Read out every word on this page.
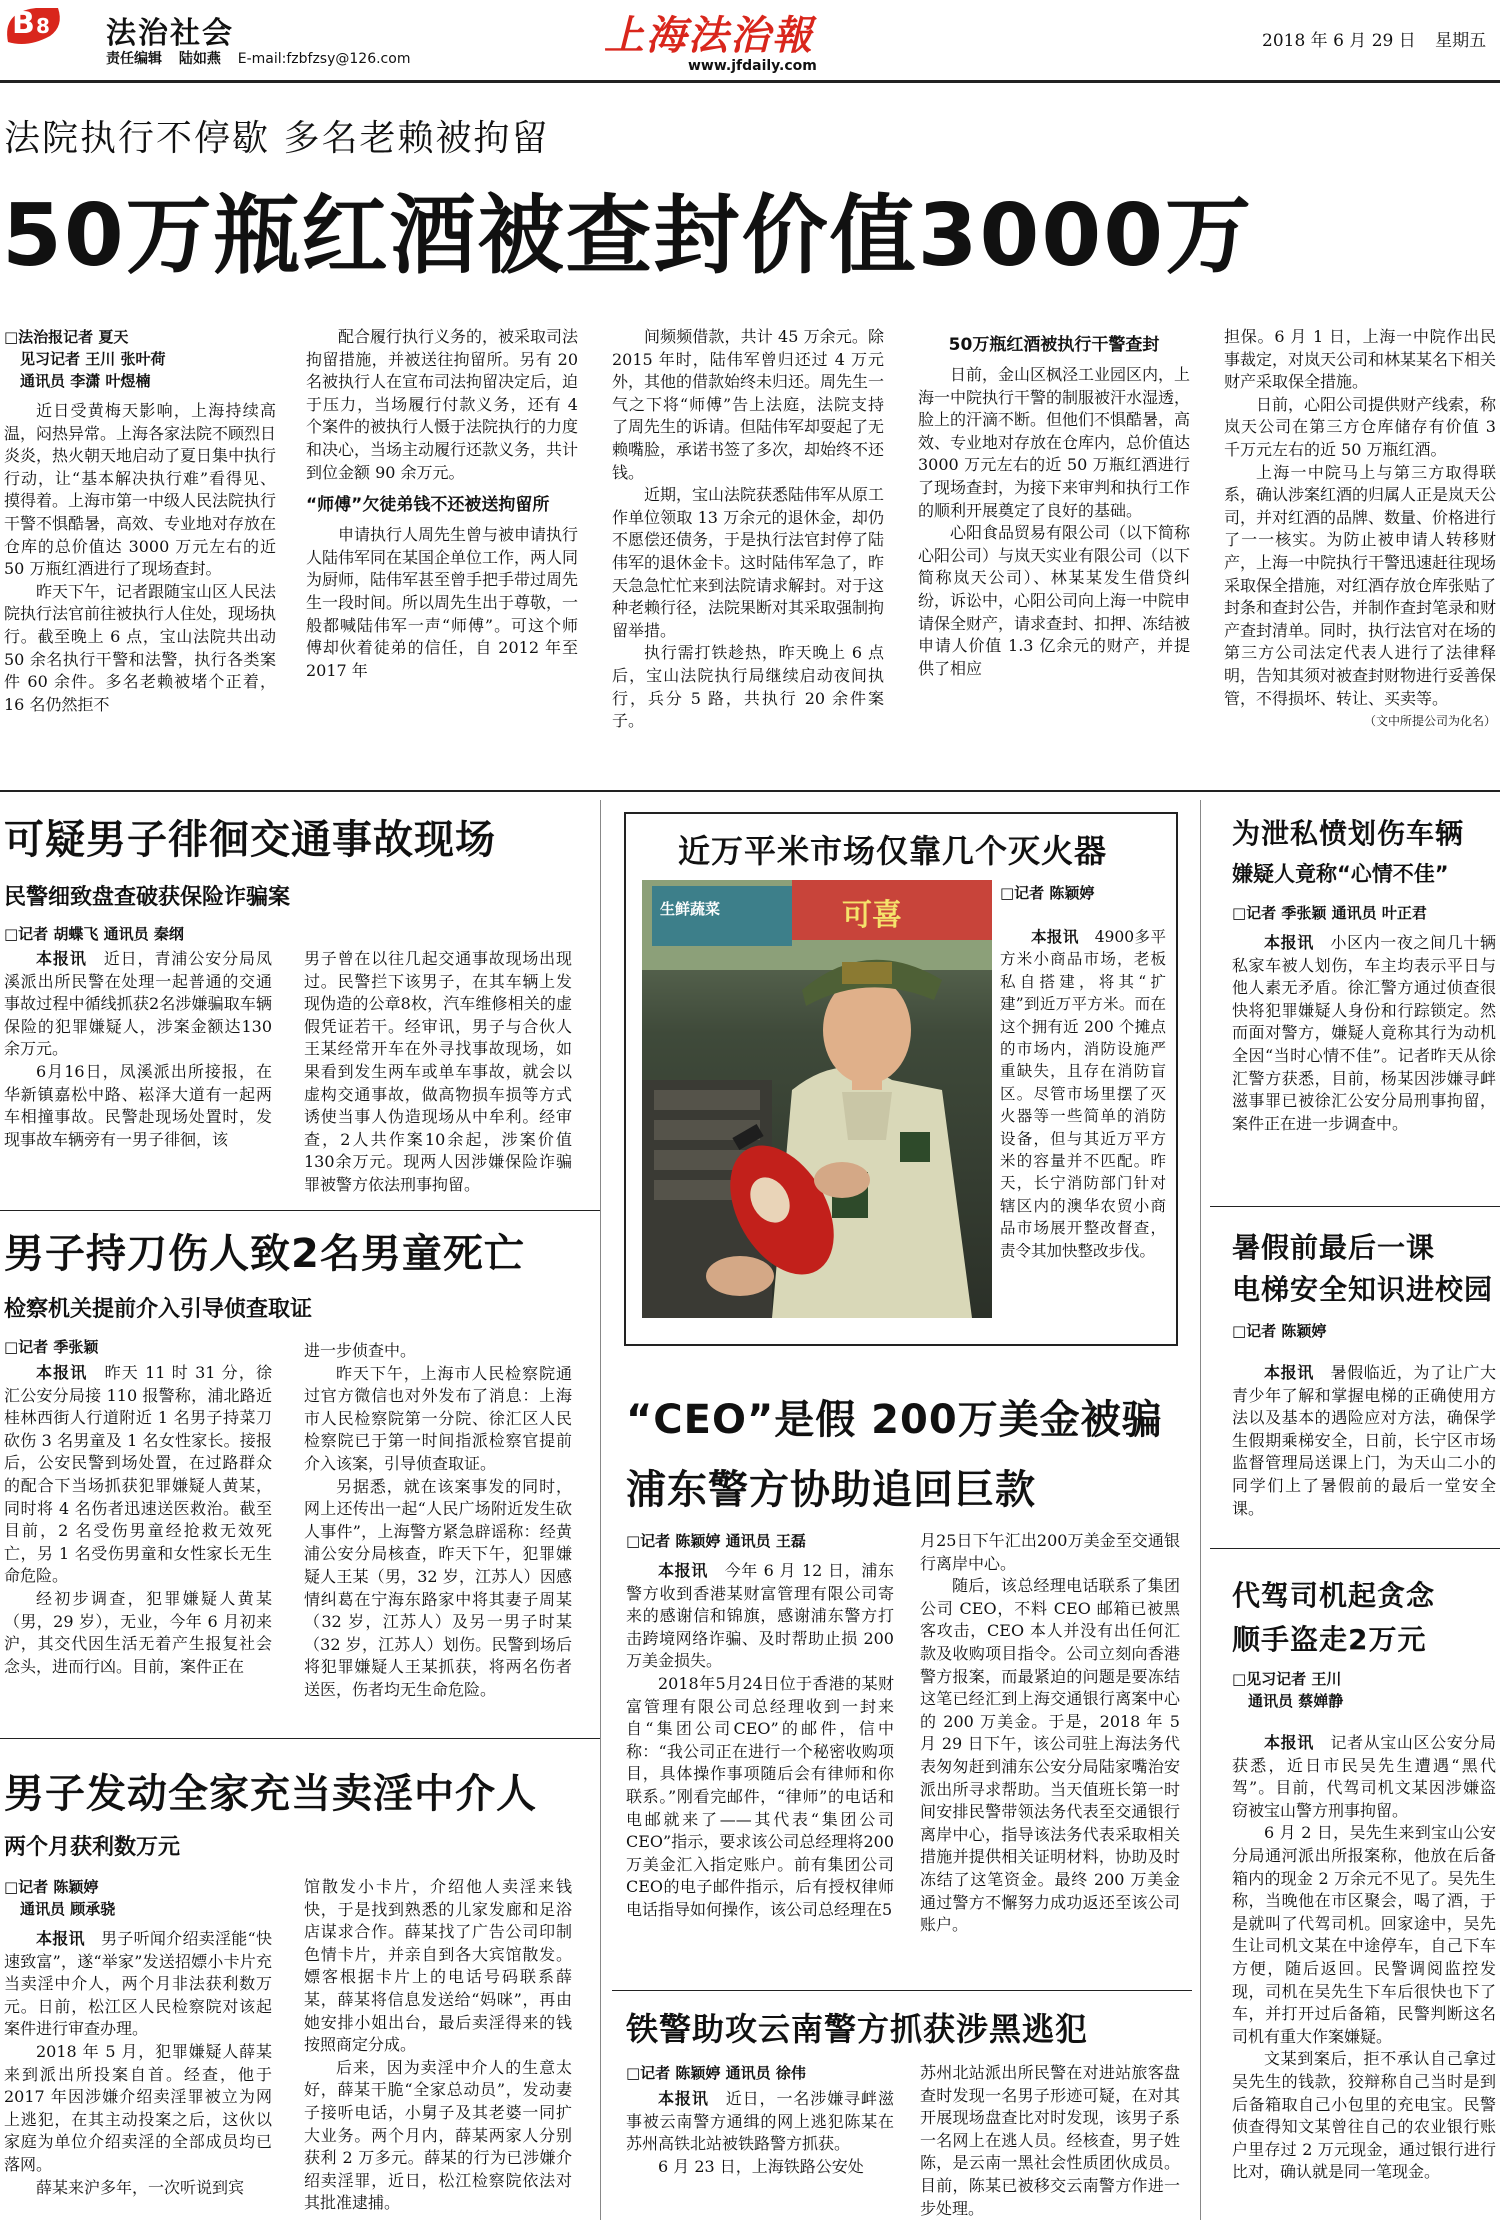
B 8 法治社会
责任编辑 陆如燕 E-mail:fzbfzsy@126.com	上海法治報
www.jfdaily.com
2018 年 6 月 29 日 星期五
法院执行不停歇 多名老赖被拘留
50万瓶红酒被查封价值3000万
□法治报记者 夏天
见习记者 王川 张叶荷
通讯员 李潇 叶煜楠

近日受黄梅天影响，上海持续高温，闷热异常。上海各家法院不顾烈日炎炎，热火朝天地启动了夏日集中执行行动，让“基本解决执行难”看得见、摸得着。上海市第一中级人民法院执行干警不惧酷暑，高效、专业地对存放在仓库的总价值达 3000 万元左右的近 50 万瓶红酒进行了现场查封。

昨天下午，记者跟随宝山区人民法院执行法官前往被执行人住处，现场执行。截至晚上 6 点，宝山法院共出动 50 余名执行干警和法警，执行各类案件 60 余件。多名老赖被堵个正着，16 名仍然拒不

配合履行执行义务的，被采取司法拘留措施，并被送往拘留所。另有 20 名被执行人在宣布司法拘留决定后，迫于压力，当场履行付款义务，还有 4 个案件的被执行人慑于法院执行的力度和决心，当场主动履行还款义务，共计到位金额 90 余万元。

“师傅”欠徒弟钱不还被送拘留所

申请执行人周先生曾与被申请执行人陆伟军同在某国企单位工作，两人同为厨师，陆伟军甚至曾手把手带过周先生一段时间。所以周先生出于尊敬，一般都喊陆伟军一声“师傅”。可这个师傅却伙着徒弟的信任，自 2012 年至 2017 年

间频频借款，共计 45 万余元。除 2015 年时，陆伟军曾归还过 4 万元外，其他的借款始终未归还。周先生一气之下将“师傅”告上法庭，法院支持了周先生的诉请。但陆伟军却耍起了无赖嘴脸，承诺书签了多次，却始终不还钱。

近期，宝山法院获悉陆伟军从原工作单位领取 13 万余元的退休金，却仍不愿偿还债务，于是执行法官封停了陆伟军的退休金卡。这时陆伟军急了，昨天急急忙忙来到法院请求解封。对于这种老赖行径，法院果断对其采取强制拘留举措。

执行需打铁趁热，昨天晚上 6 点后，宝山法院执行局继续启动夜间执行，兵分 5 路，共执行 20 余件案子。

50万瓶红酒被执行干警查封

日前，金山区枫泾工业园区内，上海一中院执行干警的制服被汗水湿透，脸上的汗滴不断。但他们不惧酷暑，高效、专业地对存放在仓库内，总价值达 3000 万元左右的近 50 万瓶红酒进行了现场查封，为接下来审判和执行工作的顺利开展奠定了良好的基础。

心阳食品贸易有限公司（以下简称心阳公司）与岚天实业有限公司（以下简称岚天公司）、林某某发生借贷纠纷，诉讼中，心阳公司向上海一中院申请保全财产，请求查封、扣押、冻结被申请人价值 1.3 亿余元的财产，并提供了相应

担保。6 月 1 日，上海一中院作出民事裁定，对岚天公司和林某某名下相关财产采取保全措施。

日前，心阳公司提供财产线索，称岚天公司在第三方仓库储存有价值 3 千万元左右的近 50 万瓶红酒。

上海一中院马上与第三方取得联系，确认涉案红酒的归属人正是岚天公司，并对红酒的品牌、数量、价格进行了一一核实。为防止被申请人转移财产，上海一中院执行干警迅速赶往现场采取保全措施，对红酒存放仓库张贴了封条和查封公告，并制作查封笔录和财产查封清单。同时，执行法官对在场的第三方公司法定代表人进行了法律释明，告知其须对被查封财物进行妥善保管，不得损坏、转让、买卖等。

（文中所提公司为化名）

可疑男子徘徊交通事故现场
民警细致盘查破获保险诈骗案
□记者 胡蝶飞 通讯员 秦纲

本报讯　 近日，青浦公安分局凤溪派出所民警在处理一起普通的交通事故过程中循线抓获2名涉嫌骗取车辆保险的犯罪嫌疑人，涉案金额达130余万元。

6月16日，凤溪派出所接报，在华新镇嘉松中路、崧泽大道有一起两车相撞事故。民警赴现场处置时，发现事故车辆旁有一男子徘徊，该

男子曾在以往几起交通事故现场出现过。民警拦下该男子，在其车辆上发现伪造的公章8枚，汽车维修相关的虚假凭证若干。经审讯，男子与合伙人王某经常开车在外寻找事故现场，如果看到发生两车或单车事故，就会以虚构交通事故，做高物损车损等方式诱使当事人伪造现场从中牟利。经审查，2人共作案10余起，涉案价值130余万元。现两人因涉嫌保险诈骗罪被警方依法刑事拘留。

男子持刀伤人致2名男童死亡
检察机关提前介入引导侦查取证
□记者 季张颖

本报讯　 昨天 11 时 31 分，徐汇公安分局接 110 报警称，浦北路近桂林西街人行道附近 1 名男子持菜刀砍伤 3 名男童及 1 名女性家长。接报后，公安民警到场处置，在过路群众的配合下当场抓获犯罪嫌疑人黄某，同时将 4 名伤者迅速送医救治。截至目前，2 名受伤男童经抢救无效死亡，另 1 名受伤男童和女性家长无生命危险。

经初步调查，犯罪嫌疑人黄某（男，29 岁），无业，今年 6 月初来沪，其交代因生活无着产生报复社会念头，进而行凶。目前，案件正在

进一步侦查中。

昨天下午，上海市人民检察院通过官方微信也对外发布了消息：上海市人民检察院第一分院、徐汇区人民检察院已于第一时间指派检察官提前介入该案，引导侦查取证。

另据悉，就在该案事发的同时，网上还传出一起“人民广场附近发生砍人事件”，上海警方紧急辟谣称：经黄浦公安分局核查，昨天下午，犯罪嫌疑人王某（男，32 岁，江苏人）因感情纠葛在宁海东路家中将其妻子周某（32 岁，江苏人）及另一男子时某（32 岁，江苏人）划伤。民警到场后将犯罪嫌疑人王某抓获，将两名伤者送医，伤者均无生命危险。

男子发动全家充当卖淫中介人
两个月获利数万元
□记者 陈颖婷
通讯员 顾承骁

本报讯　 男子听闻介绍卖淫能“快速致富”，遂“举家”发送招嫖小卡片充当卖淫中介人，两个月非法获利数万元。日前，松江区人民检察院对该起案件进行审查办理。

2018 年 5 月，犯罪嫌疑人薛某来到派出所投案自首。经查，他于 2017 年因涉嫌介绍卖淫罪被立为网上逃犯，在其主动投案之后，这伙以家庭为单位介绍卖淫的全部成员均已落网。

薛某来沪多年，一次听说到宾

馆散发小卡片，介绍他人卖淫来钱快，于是找到熟悉的儿家发廊和足浴店谋求合作。薛某找了广告公司印制色情卡片，并亲自到各大宾馆散发。嫖客根据卡片上的电话号码联系薛某，薛某将信息发送给“妈咪”，再由她安排小姐出台，最后卖淫得来的钱按照商定分成。

后来，因为卖淫中介人的生意太好，薛某干脆“全家总动员”，发动妻子接听电话，小舅子及其老婆一同扩大业务。两个月内，薛某两家人分别获利 2 万多元。薛某的行为已涉嫌介绍卖淫罪，近日，松江检察院依法对其批准逮捕。

近万平米市场仅靠几个灭火器
生鲜蔬菜	可喜
□记者 陈颖婷

本报讯　 4900多平方米小商品市场，老板私自搭建，将其“扩建”到近万平方米。而在这个拥有近 200 个摊点的市场内，消防设施严重缺失，且存在消防盲区。尽管市场里摆了灭火器等一些简单的消防设备，但与其近万平方米的容量并不匹配。昨天，长宁消防部门针对辖区内的澳华农贸小商品市场展开整改督查，责令其加快整改步伐。

“CEO”是假 200万美金被骗
浦东警方协助追回巨款
□记者 陈颖婷 通讯员 王磊

本报讯　 今年 6 月 12 日，浦东警方收到香港某财富管理有限公司寄来的感谢信和锦旗，感谢浦东警方打击跨境网络诈骗、及时帮助止损 200 万美金损失。

2018年5月24日位于香港的某财富管理有限公司总经理收到一封来自“集团公司CEO”的邮件，信中称：“我公司正在进行一个秘密收购项目，具体操作事项随后会有律师和你联系。”刚看完邮件，“律师”的电话和电邮就来了——其代表“集团公司CEO”指示，要求该公司总经理将200万美金汇入指定账户。前有集团公司CEO的电子邮件指示，后有授权律师电话指导如何操作，该公司总经理在5

月25日下午汇出200万美金至交通银行离岸中心。

随后，该总经理电话联系了集团公司 CEO，不料 CEO 邮箱已被黑客攻击，CEO 本人并没有出任何汇款及收购项目指令。公司立刻向香港警方报案，而最紧迫的问题是要冻结这笔已经汇到上海交通银行离案中心的 200 万美金。于是，2018 年 5 月 29 日下午，该公司驻上海法务代表匆匆赶到浦东公安分局陆家嘴治安派出所寻求帮助。当天值班长第一时间安排民警带领法务代表至交通银行离岸中心，指导该法务代表采取相关措施并提供相关证明材料，协助及时冻结了这笔资金。最终 200 万美金通过警方不懈努力成功返还至该公司账户。

铁警助攻云南警方抓获涉黑逃犯
□记者 陈颖婷 通讯员 徐伟

本报讯　 近日，一名涉嫌寻衅滋事被云南警方通缉的网上逃犯陈某在苏州高铁北站被铁路警方抓获。

6 月 23 日，上海铁路公安处

苏州北站派出所民警在对进站旅客盘查时发现一名男子形迹可疑，在对其开展现场盘查比对时发现，该男子系一名网上在逃人员。经核查，男子姓陈，是云南一黑社会性质团伙成员。目前，陈某已被移交云南警方作进一步处理。

为泄私愤划伤车辆
嫌疑人竟称“心情不佳”
□记者 季张颖 通讯员 叶正君

本报讯　 小区内一夜之间几十辆私家车被人划伤，车主均表示平日与他人素无矛盾。徐汇警方通过侦查很快将犯罪嫌疑人身份和行踪锁定。然而面对警方，嫌疑人竟称其行为动机全因“当时心情不佳”。记者昨天从徐汇警方获悉，目前，杨某因涉嫌寻衅滋事罪已被徐汇公安分局刑事拘留，案件正在进一步调查中。

暑假前最后一课
电梯安全知识进校园
□记者 陈颖婷

本报讯　 暑假临近，为了让广大青少年了解和掌握电梯的正确使用方法以及基本的遇险应对方法，确保学生假期乘梯安全，日前，长宁区市场监督管理局送课上门，为天山二小的同学们上了暑假前的最后一堂安全课。

代驾司机起贪念
顺手盗走2万元
□见习记者 王川
通讯员 蔡婵静

本报讯　 记者从宝山区公安分局获悉，近日市民吴先生遭遇“黑代驾”。目前，代驾司机文某因涉嫌盗窃被宝山警方刑事拘留。

6 月 2 日，吴先生来到宝山公安分局通河派出所报案称，他放在后备箱内的现金 2 万余元不见了。吴先生称，当晚他在市区聚会，喝了酒，于是就叫了代驾司机。回家途中，吴先生让司机文某在中途停车，自己下车方便，随后返回。民警调阅监控发现，司机在吴先生下车后很快也下了车，并打开过后备箱，民警判断这名司机有重大作案嫌疑。

文某到案后，拒不承认自己拿过吴先生的钱款，狡辩称自己当时是到后备箱取自己小包里的充电宝。民警侦查得知文某曾往自己的农业银行账户里存过 2 万元现金，通过银行进行比对，确认就是同一笔现金。
